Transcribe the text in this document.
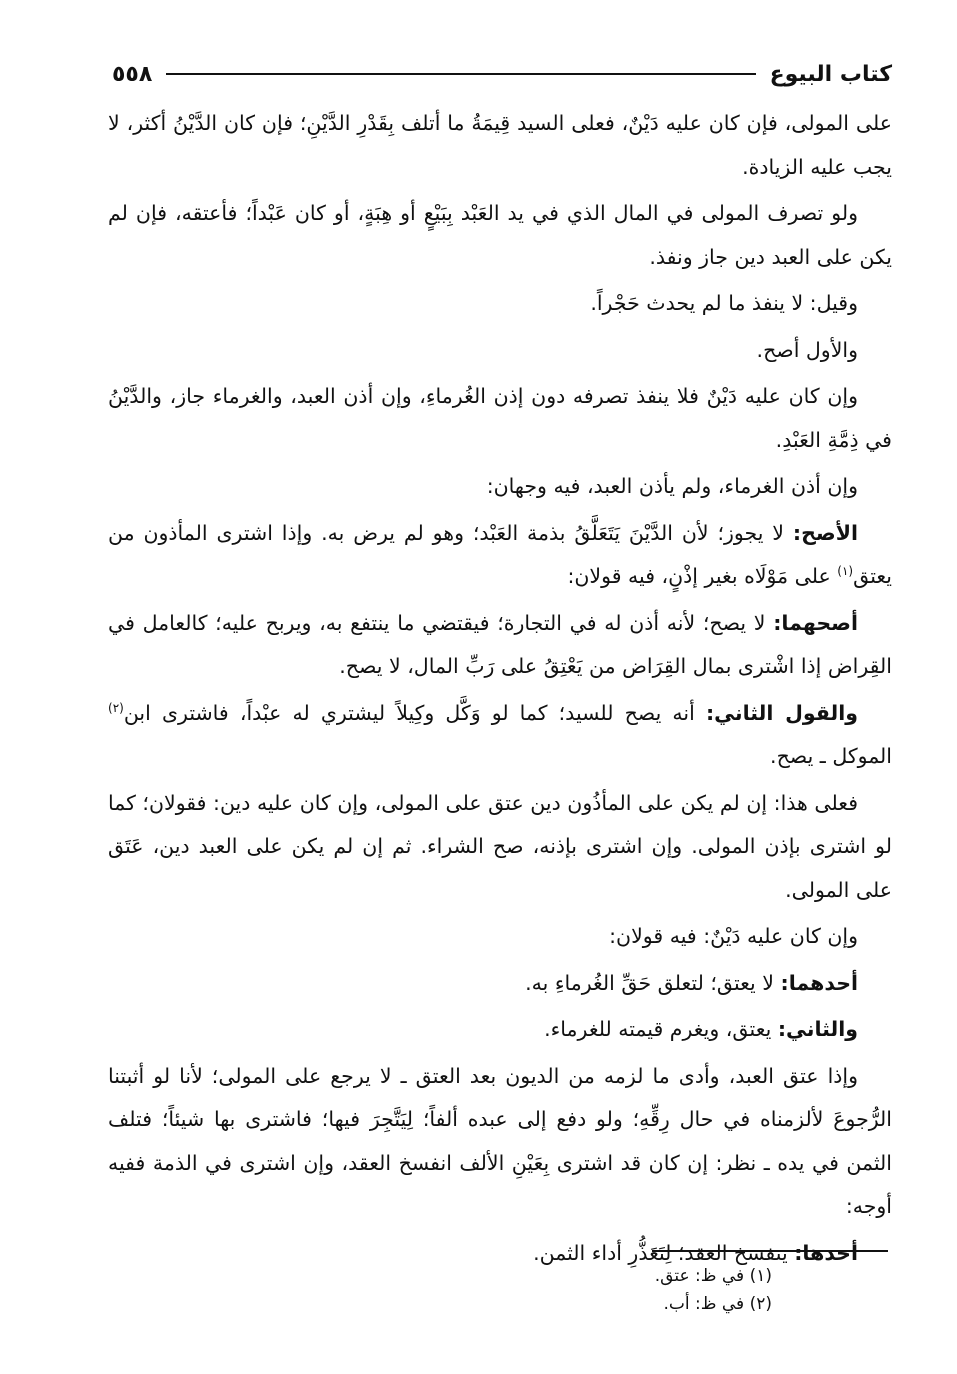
كتاب البيوع
٥٥٨

على المولى، فإن كان عليه دَيْنٌ، فعلى السيد قِيمَةُ ما أتلف بِقَدْرِ الدَّيْنِ؛ فإن كان الدَّيْنُ أكثر، لا يجب عليه الزيادة.

ولو تصرف المولى في المال الذي في يد العَبْد بِبَيْعٍ أو هِبَةٍ، أو كان عَبْداً؛ فأعتقه، فإن لم يكن على العبد دين جاز ونفذ.

وقيل: لا ينفذ ما لم يحدث حَجْراً.

والأول أصح.

وإن كان عليه دَيْنٌ فلا ينفذ تصرفه دون إذن الغُرماءِ، وإن أذن العبد، والغرماء جاز، والدَّيْنُ في ذِمَّةِ العَبْدِ.

وإن أذن الغرماء، ولم يأذن العبد، فيه وجهان:

الأصح: لا يجوز؛ لأن الدَّيْنَ يَتَعَلَّقُ بذمة العَبْد؛ وهو لم يرض به. وإذا اشترى المأذون من يعتق$^{(١)}$ على مَوْلَاه بغير إذْنٍ، فيه قولان:

أصحهما: لا يصح؛ لأنه أذن له في التجارة؛ فيقتضي ما ينتفع به، ويربح عليه؛ كالعامل في القِراض إذا اشْترى بمال القِرَاض من يَعْتِقُ على رَبِّ المال، لا يصح.

والقول الثاني: أنه يصح للسيد؛ كما لو وَكَّل وكِيلاً ليشتري له عبْداً، فاشترى ابن$^{(٢)}$ الموكل ـ يصح.

فعلى هذا: إن لم يكن على المأذُون دين عتق على المولى، وإن كان عليه دين: فقولان؛ كما لو اشترى بإذن المولى. وإن اشترى بإذنه، صح الشراء. ثم إن لم يكن على العبد دين، عَتَق على المولى.

وإن كان عليه دَيْنٌ: فيه قولان:

أحدهما: لا يعتق؛ لتعلق حَقِّ الغُرماءِ به.

والثاني: يعتق، ويغرم قيمته للغرماء.

وإذا عتق العبد، وأدى ما لزمه من الديون بعد العتق ـ لا يرجع على المولى؛ لأنا لو أثبتنا الرُّجوعَ لألزمناه في حال رِقِّهِ؛ ولو دفع إلى عبده ألفاً؛ لِيَتَّجِرَ فيها؛ فاشترى بها شيئاً؛ فتلف الثمن في يده ـ نظر: إن كان قد اشترى بِعَيْنِ الألف انفسخ العقد، وإن اشترى في الذمة ففيه أوجه:

أحدها: ينفسخ العقد؛ لِتَعَذُّرِ أداء الثمن.

(١) في ظ: عتق.
(٢) في ظ: أب.
